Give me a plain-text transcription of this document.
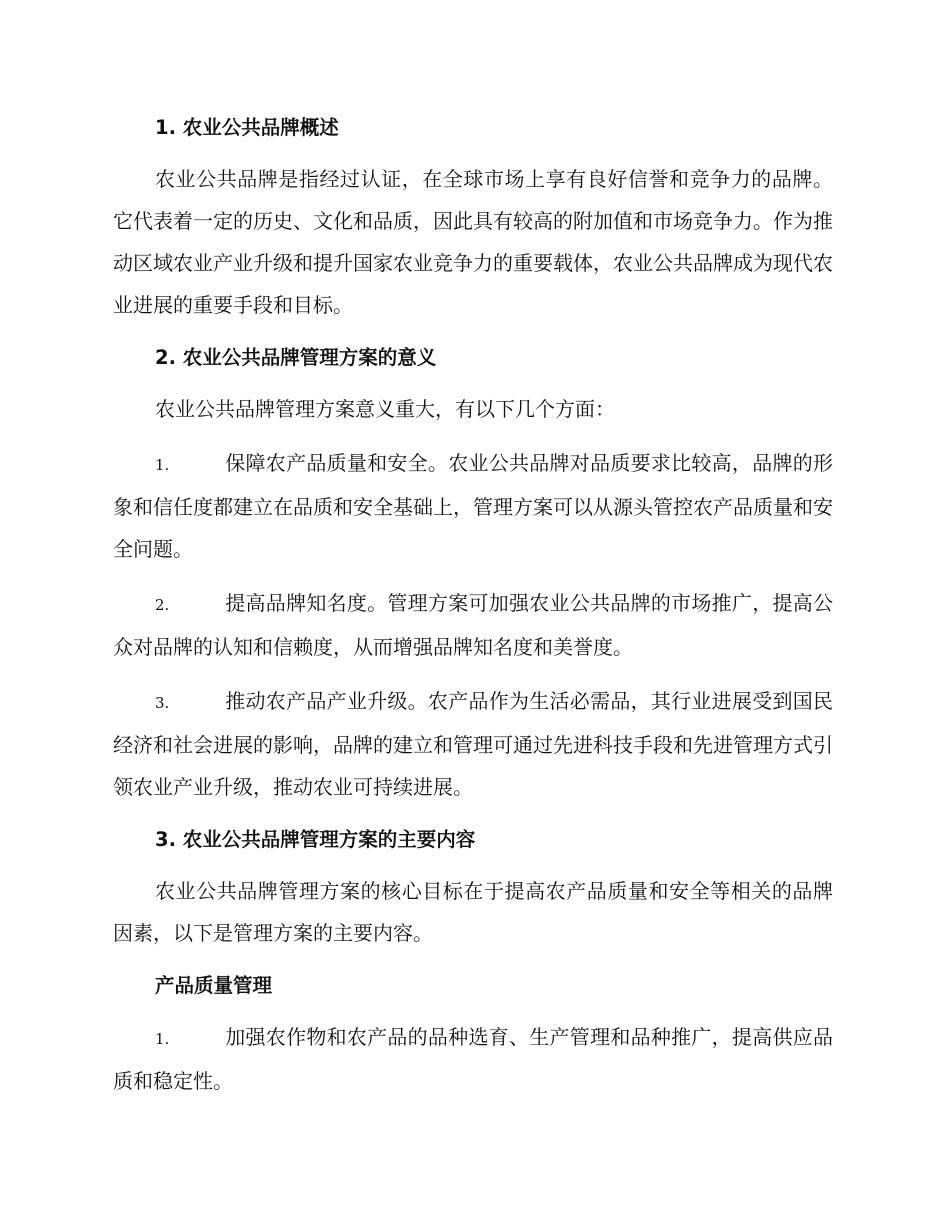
1. 农业公共品牌概述

农业公共品牌是指经过认证，在全球市场上享有良好信誉和竞争力的品牌。它代表着一定的历史、文化和品质，因此具有较高的附加值和市场竞争力。作为推动区域农业产业升级和提升国家农业竞争力的重要载体，农业公共品牌成为现代农业进展的重要手段和目标。

2. 农业公共品牌管理方案的意义

农业公共品牌管理方案意义重大，有以下几个方面：

1.	保障农产品质量和安全。农业公共品牌对品质要求比较高，品牌的形象和信任度都建立在品质和安全基础上，管理方案可以从源头管控农产品质量和安全问题。

2.	提高品牌知名度。管理方案可加强农业公共品牌的市场推广，提高公众对品牌的认知和信赖度，从而增强品牌知名度和美誉度。

3.	推动农产品产业升级。农产品作为生活必需品，其行业进展受到国民经济和社会进展的影响，品牌的建立和管理可通过先进科技手段和先进管理方式引领农业产业升级，推动农业可持续进展。

3. 农业公共品牌管理方案的主要内容

农业公共品牌管理方案的核心目标在于提高农产品质量和安全等相关的品牌因素，以下是管理方案的主要内容。

产品质量管理

1.	加强农作物和农产品的品种选育、生产管理和品种推广，提高供应品质和稳定性。
